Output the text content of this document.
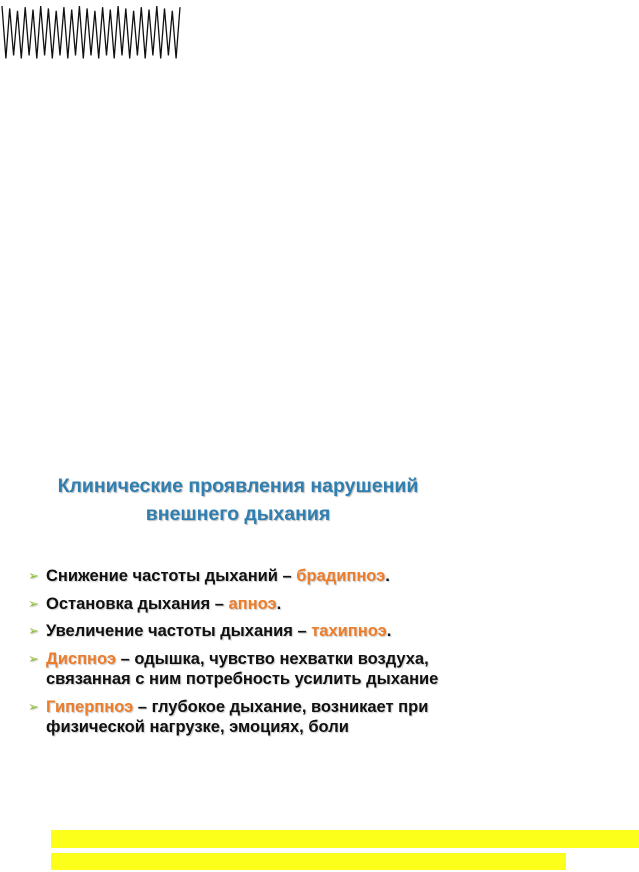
Клинические проявления нарушений
внешнего дыхания
➢ Снижение частоты дыханий – брадипноэ.
➢ Остановка дыхания – апноэ.
➢ Увеличение частоты дыхания – тахипноэ.
➢ Диспноэ – одышка, чувство нехватки воздуха, связанная с ним потребность усилить дыхание
➢ Гиперпноэ – глубокое дыхание, возникает при физической нагрузке, эмоциях, боли
